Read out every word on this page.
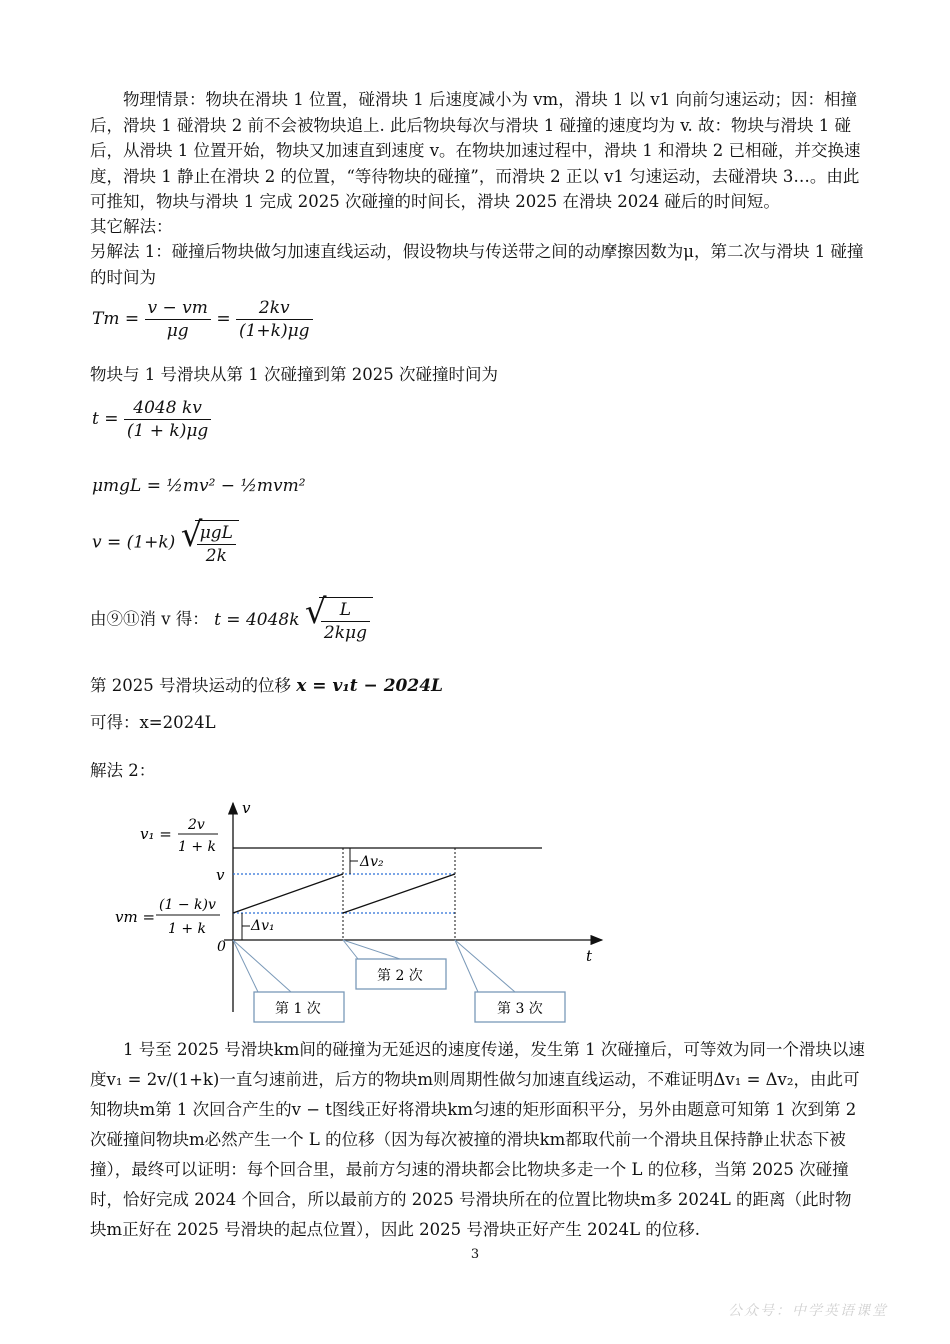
物理情景：物块在滑块 1 位置，碰滑块 1 后速度减小为 vm，滑块 1 以 v1 向前匀速运动；因：相撞后，滑块 1 碰滑块 2 前不会被物块追上. 此后物块每次与滑块 1 碰撞的速度均为 v. 故：物块与滑块 1 碰后，从滑块 1 位置开始，物块又加速直到速度 v。在物块加速过程中，滑块 1 和滑块 2 已相碰，并交换速度，滑块 1 静止在滑块 2 的位置，“等待物块的碰撞”，而滑块 2 正以 v1 匀速运动，去碰滑块 3…。由此可推知，物块与滑块 1 完成 2025 次碰撞的时间长，滑块 2025 在滑块 2024 碰后的时间短。

其它解法：

另解法 1：碰撞后物块做匀加速直线运动，假设物块与传送带之间的动摩擦因数为μ，第二次与滑块 1 碰撞的时间为

$Tm = \frac{v - vm}{\mu g} = \frac{2kv}{(1+k)\mu g}$

物块与 1 号滑块从第 1 次碰撞到第 2025 次碰撞时间为

$t = \frac{4048 kv}{(1 + k)\mu g}$
μmgL = ½mv² − ½mvm²
v = (1+k) √
$\frac{\text{μgL}}{2k}$
由⑨⑪消 v 得： t = 4048k √
$\frac{L}{\text{2kμg}}$
第 2025 号滑块运动的位移 x = v₁t − 2024L

可得：x=2024L

解法 2：

v
t
0
Δv₁
Δv₂
v₁ = 2v
1 + k
v
vm =
(1 − k)v
1 + k
第 1 次
第 2 次
第 3 次

1 号至 2025 号滑块km间的碰撞为无延迟的速度传递，发生第 1 次碰撞后，可等效为同一个滑块以速度v₁ = 2v/(1+k)一直匀速前进，后方的物块m则周期性做匀加速直线运动，不难证明Δv₁ = Δv₂，由此可知物块m第 1 次回合产生的v − t图线正好将滑块km匀速的矩形面积平分，另外由题意可知第 1 次到第 2 次碰撞间物块m必然产生一个 L 的位移（因为每次被撞的滑块km都取代前一个滑块且保持静止状态下被撞），最终可以证明：每个回合里，最前方匀速的滑块都会比物块多走一个 L 的位移，当第 2025 次碰撞时，恰好完成 2024 个回合，所以最前方的 2025 号滑块所在的位置比物块m多 2024L 的距离（此时物块m正好在 2025 号滑块的起点位置），因此 2025 号滑块正好产生 2024L 的位移.

3
公众号：中学英语课堂
